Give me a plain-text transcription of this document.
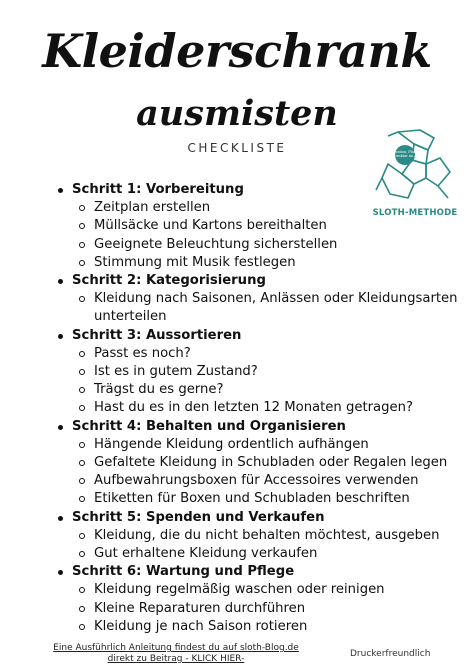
Kleiderschrank
ausmisten
CHECKLISTE	Motivation, Planung
und Struktur im Alltag
SLOTH-METHODE
Schritt 1: Vorbereitung
Zeitplan erstellen
Müllsäcke und Kartons bereithalten
Geeignete Beleuchtung sicherstellen
Stimmung mit Musik festlegen
Schritt 2: Kategorisierung
Kleidung nach Saisonen, Anlässen oder Kleidungsarten
unterteilen
Schritt 3: Aussortieren
Passt es noch?
Ist es in gutem Zustand?
Trägst du es gerne?
Hast du es in den letzten 12 Monaten getragen?
Schritt 4: Behalten und Organisieren
Hängende Kleidung ordentlich aufhängen
Gefaltete Kleidung in Schubladen oder Regalen legen
Aufbewahrungsboxen für Accessoires verwenden
Etiketten für Boxen und Schubladen beschriften
Schritt 5: Spenden und Verkaufen
Kleidung, die du nicht behalten möchtest, ausgeben
Gut erhaltene Kleidung verkaufen
Schritt 6: Wartung und Pflege
Kleidung regelmäßig waschen oder reinigen
Kleine Reparaturen durchführen
Kleidung je nach Saison rotieren
Eine Ausführlich Anleitung findest du auf sloth-Blog.de
direkt zu Beitrag - KLICK HIER-	Druckerfreundlich
